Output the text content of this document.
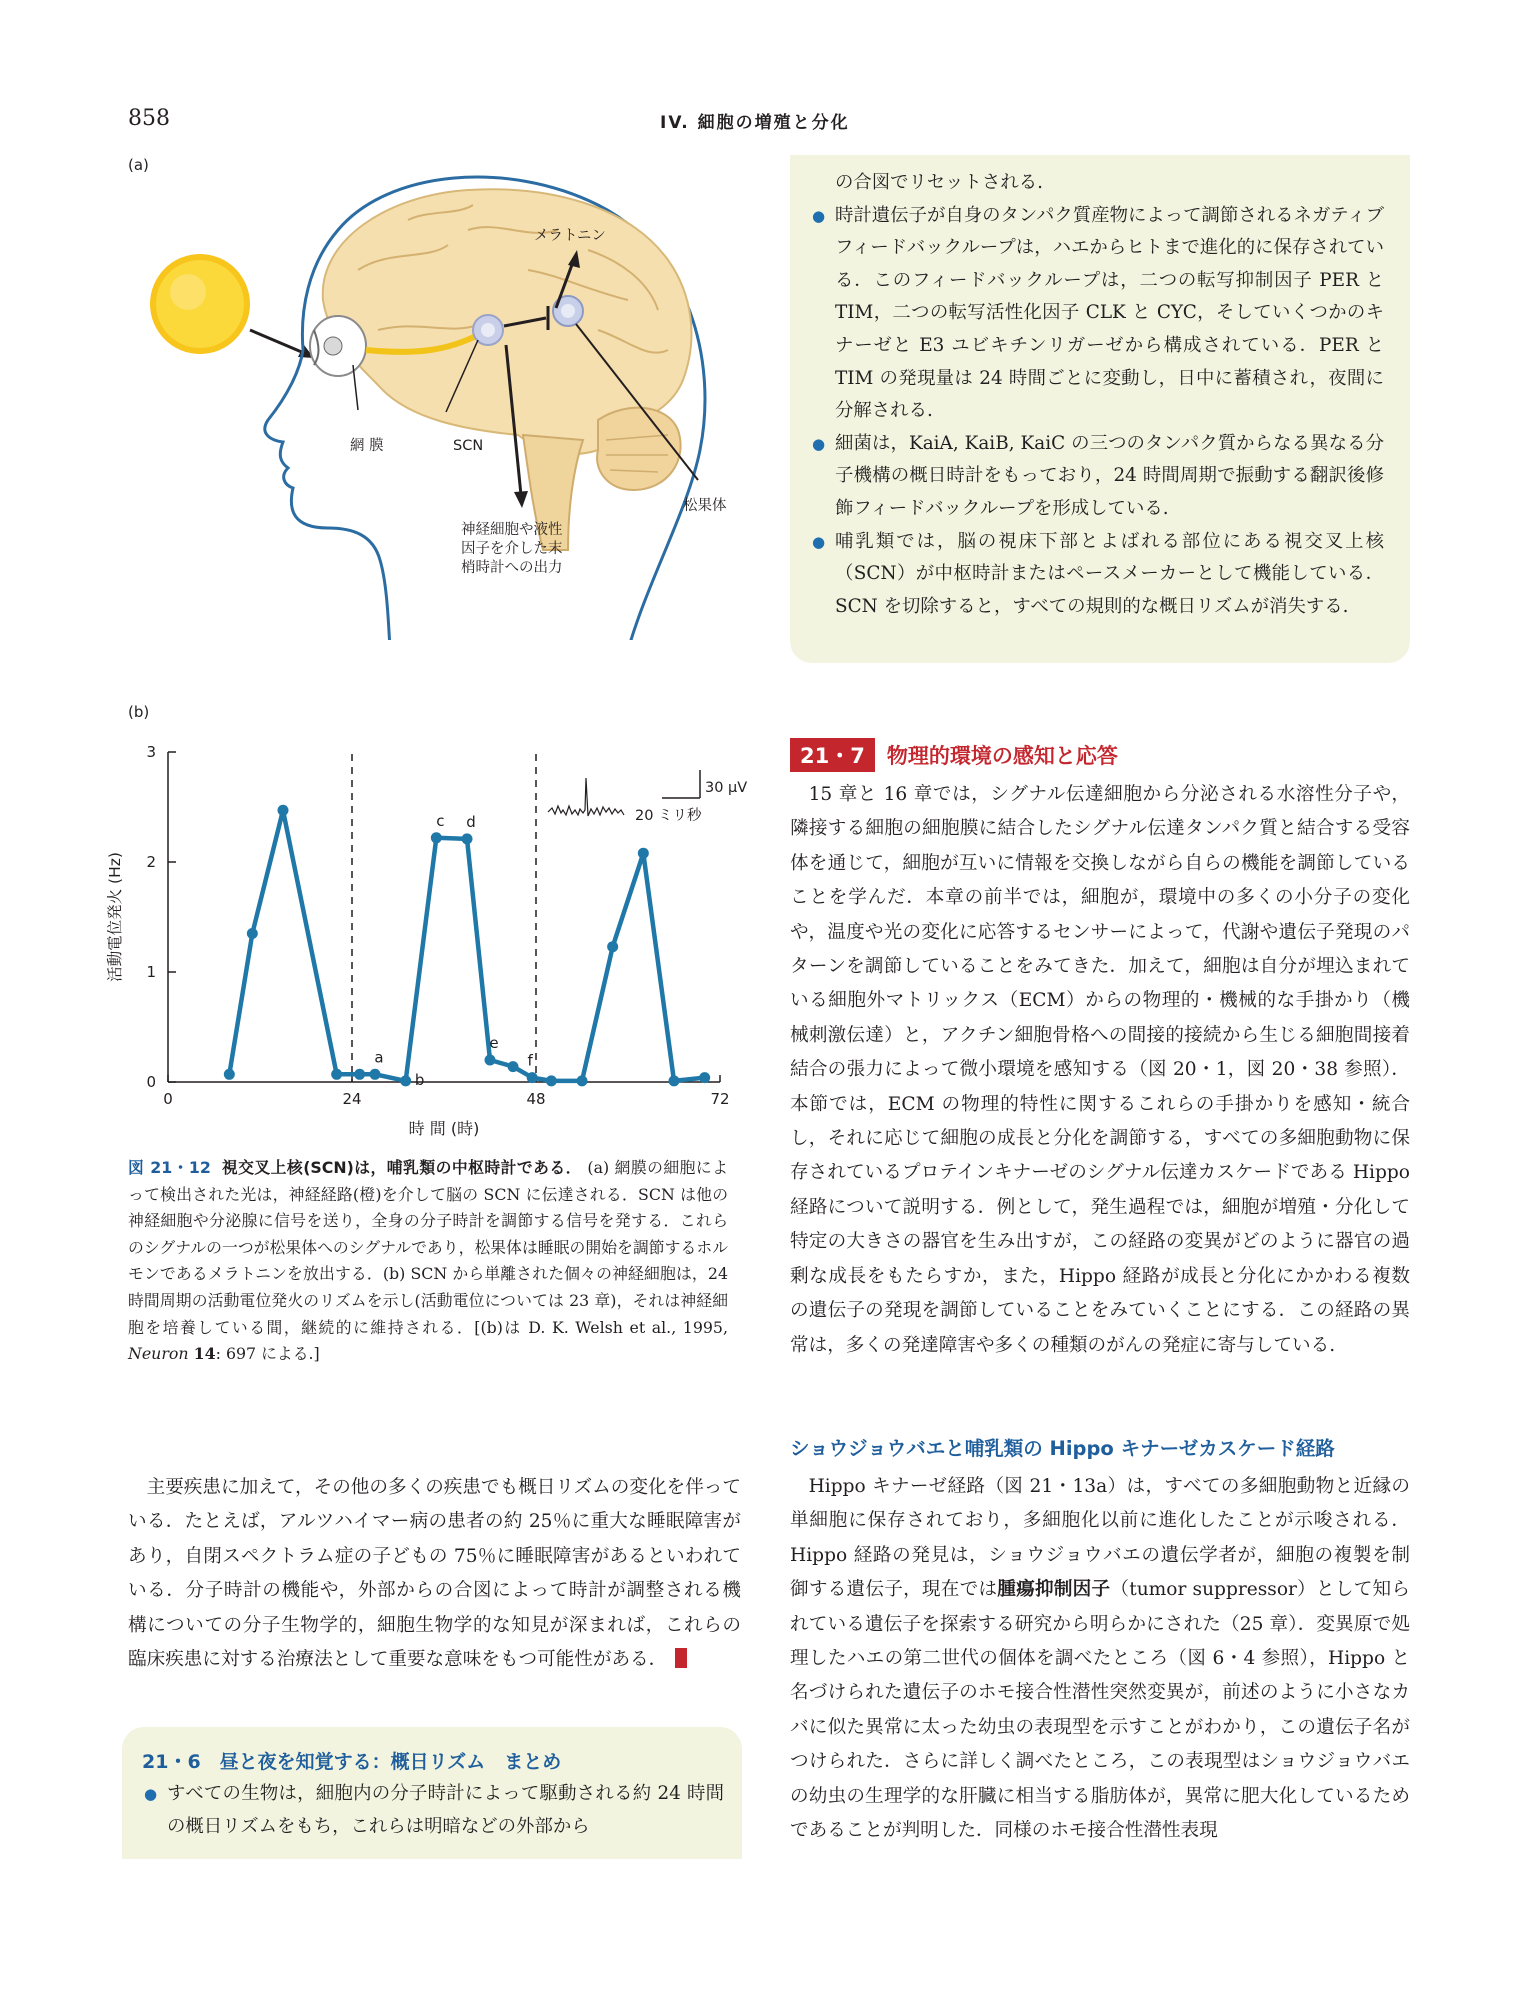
858	IV. 細胞の増殖と分化
(a)
メラトニン
網 膜	SCN
松果体
神経細胞や液性
因子を介した末
梢時計への出力
の合図でリセットされる.
● 時計遺伝子が自身のタンパク質産物によって調節されるネガティブフィードバックループは，ハエからヒトまで進化的に保存されている．このフィードバックループは，二つの転写抑制因子 PER と TIM，二つの転写活性化因子 CLK と CYC，そしていくつかのキナーゼと E3 ユビキチンリガーゼから構成されている．PER と TIM の発現量は 24 時間ごとに変動し，日中に蓄積され，夜間に分解される.
● 細菌は，KaiA, KaiB, KaiC の三つのタンパク質からなる異なる分子機構の概日時計をもっており，24 時間周期で振動する翻訳後修飾フィードバックループを形成している.
● 哺乳類では，脳の視床下部とよばれる部位にある視交叉上核（SCN）が中枢時計またはペースメーカーとして機能している．SCN を切除すると，すべての規則的な概日リズムが消失する.
(b)
0
1
2
3
0	24	48	72
時 間 (時)
活動電位発火 (Hz)
a
b
c d
e
f
30 μV
20 ミリ秒
図 21・12 視交叉上核(SCN)は，哺乳類の中枢時計である． (a) 網膜の細胞によって検出された光は，神経経路(橙)を介して脳の SCN に伝達される．SCN は他の神経細胞や分泌腺に信号を送り，全身の分子時計を調節する信号を発する．これらのシグナルの一つが松果体へのシグナルであり，松果体は睡眠の開始を調節するホルモンであるメラトニンを放出する．(b) SCN から単離された個々の神経細胞は，24 時間周期の活動電位発火のリズムを示し(活動電位については 23 章)，それは神経細胞を培養している間，継続的に維持される．[(b)は D. K. Welsh et al., 1995, Neuron 14: 697 による.]

主要疾患に加えて，その他の多くの疾患でも概日リズムの変化を伴っている．たとえば，アルツハイマー病の患者の約 25％に重大な睡眠障害があり，自閉スペクトラム症の子どもの 75％に睡眠障害があるといわれている．分子時計の機能や，外部からの合図によって時計が調整される機構についての分子生物学的，細胞生物学的な知見が深まれば，これらの臨床疾患に対する治療法として重要な意味をもつ可能性がある．

21・6　昼と夜を知覚する：概日リズム　まとめ
● すべての生物は，細胞内の分子時計によって駆動される約 24 時間の概日リズムをもち，これらは明暗などの外部から
21・7 物理的環境の感知と応答

15 章と 16 章では，シグナル伝達細胞から分泌される水溶性分子や，隣接する細胞の細胞膜に結合したシグナル伝達タンパク質と結合する受容体を通じて，細胞が互いに情報を交換しながら自らの機能を調節していることを学んだ．本章の前半では，細胞が，環境中の多くの小分子の変化や，温度や光の変化に応答するセンサーによって，代謝や遺伝子発現のパターンを調節していることをみてきた．加えて，細胞は自分が埋込まれている細胞外マトリックス（ECM）からの物理的・機械的な手掛かり（機械刺激伝達）と，アクチン細胞骨格への間接的接続から生じる細胞間接着結合の張力によって微小環境を感知する（図 20・1，図 20・38 参照）．本節では，ECM の物理的特性に関するこれらの手掛かりを感知・統合し，それに応じて細胞の成長と分化を調節する，すべての多細胞動物に保存されているプロテインキナーゼのシグナル伝達カスケードである Hippo 経路について説明する．例として，発生過程では，細胞が増殖・分化して特定の大きさの器官を生み出すが，この経路の変異がどのように器官の過剰な成長をもたらすか，また，Hippo 経路が成長と分化にかかわる複数の遺伝子の発現を調節していることをみていくことにする．この経路の異常は，多くの発達障害や多くの種類のがんの発症に寄与している.

ショウジョウバエと哺乳類の Hippo キナーゼカスケード経路

Hippo キナーゼ経路（図 21・13a）は，すべての多細胞動物と近縁の単細胞に保存されており，多細胞化以前に進化したことが示唆される．Hippo 経路の発見は，ショウジョウバエの遺伝学者が，細胞の複製を制御する遺伝子，現在では腫瘍抑制因子（tumor suppressor）として知られている遺伝子を探索する研究から明らかにされた（25 章）．変異原で処理したハエの第二世代の個体を調べたところ（図 6・4 参照），Hippo と名づけられた遺伝子のホモ接合性潜性突然変異が，前述のように小さなカバに似た異常に太った幼虫の表現型を示すことがわかり，この遺伝子名がつけられた．さらに詳しく調べたところ，この表現型はショウジョウバエの幼虫の生理学的な肝臓に相当する脂肪体が，異常に肥大化しているためであることが判明した．同様のホモ接合性潜性表現
